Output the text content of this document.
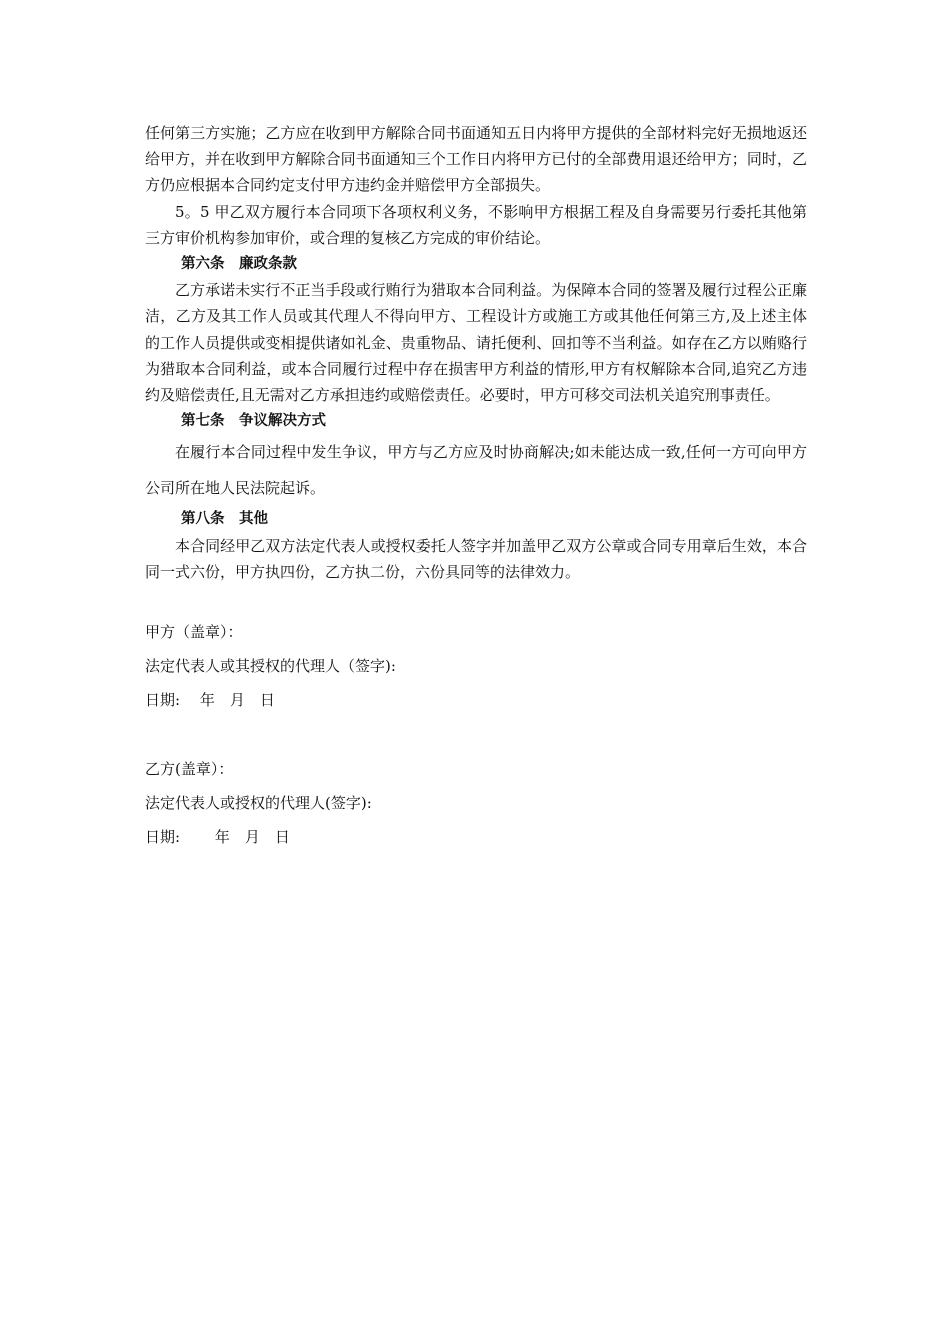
任何第三方实施；乙方应在收到甲方解除合同书面通知五日内将甲方提供的全部材料完好无损地返还给甲方，并在收到甲方解除合同书面通知三个工作日内将甲方已付的全部费用退还给甲方；同时，乙方仍应根据本合同约定支付甲方违约金并赔偿甲方全部损失。

5。5 甲乙双方履行本合同项下各项权利义务，不影响甲方根据工程及自身需要另行委托其他第三方审价机构参加审价，或合理的复核乙方完成的审价结论。

第六条　廉政条款

乙方承诺未实行不正当手段或行贿行为猎取本合同利益。为保障本合同的签署及履行过程公正廉洁，乙方及其工作人员或其代理人不得向甲方、工程设计方或施工方或其他任何第三方,及上述主体的工作人员提供或变相提供诸如礼金、贵重物品、请托便利、回扣等不当利益。如存在乙方以贿赂行为猎取本合同利益，或本合同履行过程中存在损害甲方利益的情形,甲方有权解除本合同,追究乙方违约及赔偿责任,且无需对乙方承担违约或赔偿责任。必要时，甲方可移交司法机关追究刑事责任。

第七条　争议解决方式

在履行本合同过程中发生争议，甲方与乙方应及时协商解决;如未能达成一致,任何一方可向甲方公司所在地人民法院起诉。

第八条　其他

本合同经甲乙双方法定代表人或授权委托人签字并加盖甲乙双方公章或合同专用章后生效，本合同一式六份，甲方执四份，乙方执二份，六份具同等的法律效力。

甲方（盖章）：

法定代表人或其授权的代理人（签字):

日期:　 年　月　日

乙方(盖章）：

法定代表人或授权的代理人(签字):

日期: 　　年　月　日
